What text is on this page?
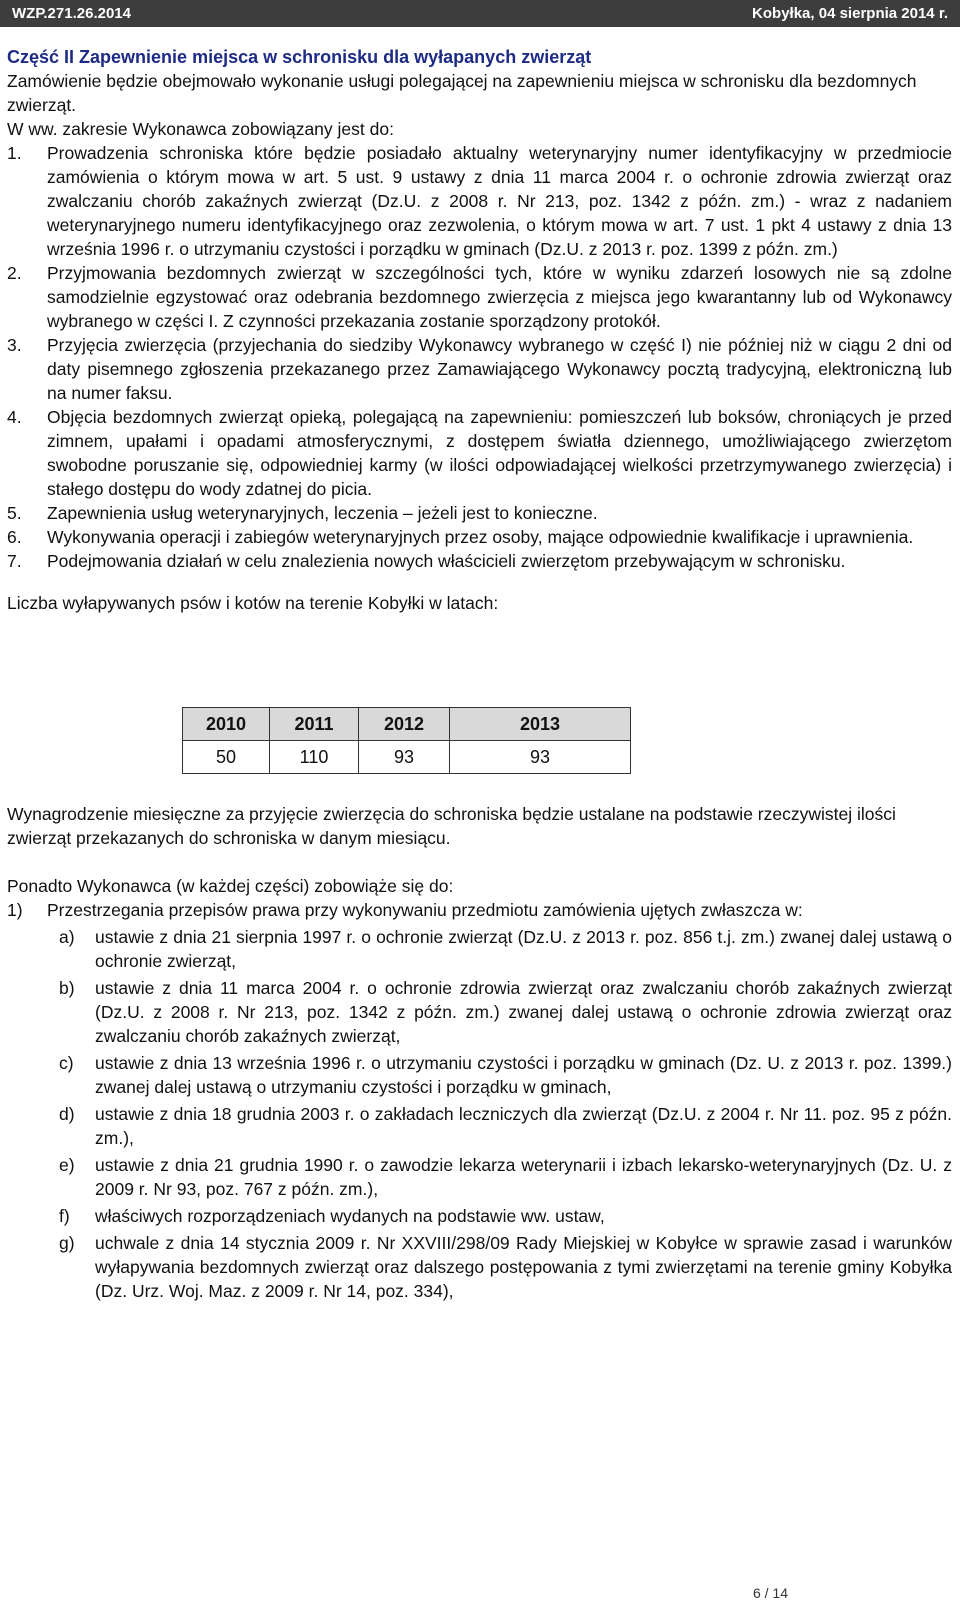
WZP.271.26.2014	Kobyłka, 04 sierpnia 2014 r.

Część II Zapewnienie miejsca w schronisku dla wyłapanych zwierząt

Zamówienie będzie obejmowało wykonanie usługi polegającej na zapewnieniu miejsca w schronisku dla bezdomnych zwierząt.

W ww. zakresie Wykonawca zobowiązany jest do:

1. Prowadzenia schroniska które będzie posiadało aktualny weterynaryjny numer identyfikacyjny w przedmiocie zamówienia o którym mowa w art. 5 ust. 9 ustawy z dnia 11 marca 2004 r. o ochronie zdrowia zwierząt oraz zwalczaniu chorób zakaźnych zwierząt (Dz.U. z 2008 r. Nr 213, poz. 1342 z późn. zm.) - wraz z nadaniem weterynaryjnego numeru identyfikacyjnego oraz zezwolenia, o którym mowa w art. 7 ust. 1 pkt 4 ustawy z dnia 13 września 1996 r. o utrzymaniu czystości i porządku w gminach (Dz.U. z 2013 r. poz. 1399 z późn. zm.)
2. Przyjmowania bezdomnych zwierząt w szczególności tych, które w wyniku zdarzeń losowych nie są zdolne samodzielnie egzystować oraz odebrania bezdomnego zwierzęcia z miejsca jego kwarantanny lub od Wykonawcy wybranego w części I. Z czynności przekazania zostanie sporządzony protokół.
3. Przyjęcia zwierzęcia (przyjechania do siedziby Wykonawcy wybranego w część I) nie później niż w ciągu 2 dni od daty pisemnego zgłoszenia przekazanego przez Zamawiającego Wykonawcy pocztą tradycyjną, elektroniczną lub na numer faksu.
4. Objęcia bezdomnych zwierząt opieką, polegającą na zapewnieniu: pomieszczeń lub boksów, chroniących je przed zimnem, upałami i opadami atmosferycznymi, z dostępem światła dziennego, umożliwiającego zwierzętom swobodne poruszanie się, odpowiedniej karmy (w ilości odpowiadającej wielkości przetrzymywanego zwierzęcia) i stałego dostępu do wody zdatnej do picia.
5. Zapewnienia usług weterynaryjnych, leczenia – jeżeli jest to konieczne.
6. Wykonywania operacji i zabiegów weterynaryjnych przez osoby, mające odpowiednie kwalifikacje i uprawnienia.
7. Podejmowania działań w celu znalezienia nowych właścicieli zwierzętom przebywającym w schronisku.

Liczba wyłapywanych psów i kotów na terenie Kobyłki w latach:

2010	2011	2012	2013
50	110	93	93

Wynagrodzenie miesięczne za przyjęcie zwierzęcia do schroniska będzie ustalane na podstawie rzeczywistej ilości zwierząt przekazanych do schroniska w danym miesiącu.

Ponadto Wykonawca (w każdej części) zobowiąże się do:

1) Przestrzegania przepisów prawa przy wykonywaniu przedmiotu zamówienia ujętych zwłaszcza w:
a) ustawie z dnia 21 sierpnia 1997 r. o ochronie zwierząt (Dz.U. z 2013 r. poz. 856 t.j. zm.) zwanej dalej ustawą o ochronie zwierząt,
b) ustawie z dnia 11 marca 2004 r. o ochronie zdrowia zwierząt oraz zwalczaniu chorób zakaźnych zwierząt (Dz.U. z 2008 r. Nr 213, poz. 1342 z późn. zm.) zwanej dalej ustawą o ochronie zdrowia zwierząt oraz zwalczaniu chorób zakaźnych zwierząt,
c) ustawie z dnia 13 września 1996 r. o utrzymaniu czystości i porządku w gminach (Dz. U. z 2013 r. poz. 1399.) zwanej dalej ustawą o utrzymaniu czystości i porządku w gminach,
d) ustawie z dnia 18 grudnia 2003 r. o zakładach leczniczych dla zwierząt (Dz.U. z 2004 r. Nr 11. poz. 95 z późn. zm.),
e) ustawie z dnia 21 grudnia 1990 r. o zawodzie lekarza weterynarii i izbach lekarsko-weterynaryjnych (Dz. U. z 2009 r. Nr 93, poz. 767 z późn. zm.),
f) właściwych rozporządzeniach wydanych na podstawie ww. ustaw,
g) uchwale z dnia 14 stycznia 2009 r. Nr XXVIII/298/09 Rady Miejskiej w Kobyłce w sprawie zasad i warunków wyłapywania bezdomnych zwierząt oraz dalszego postępowania z tymi zwierzętami na terenie gminy Kobyłka (Dz. Urz. Woj. Maz. z 2009 r. Nr 14, poz. 334),
6 / 14
